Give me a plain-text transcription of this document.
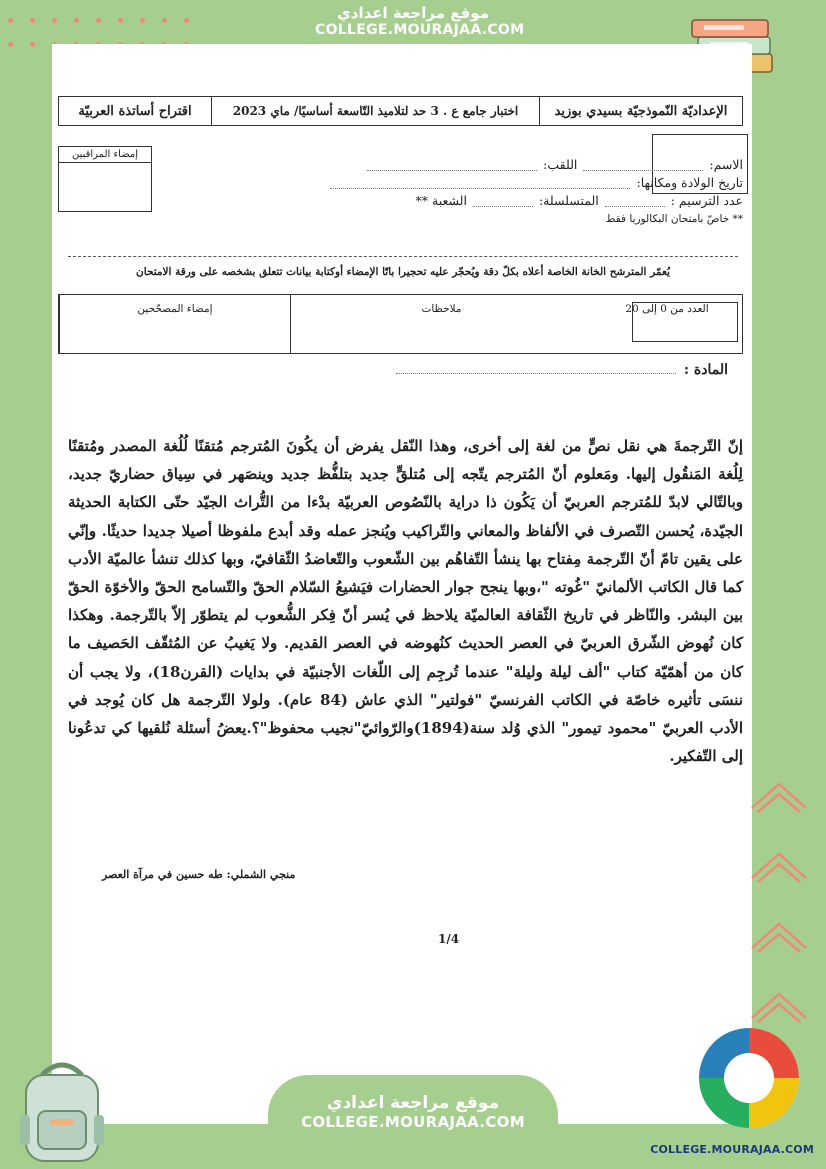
موقع مراجعة اعدادي
COLLEGE.MOURAJAA.COM
الإعداديّة النّموذجيّة بسيدي بوزيد
اختبار جامع ع . 3 حد لتلاميذ التّاسعة أساسيًا/ ماي 2023
اقتراح أساتذة العربيّة
الاسم:
اللقب:
تاريخ الولادة ومكانها:
عدد الترسيم :
المتسلسلة:
الشعبة **
** خاصّ بامتحان البكالوريا فقط
إمضاء المراقبين
يُعمّر المترشح الخانة الخاصة أعلاه بكلّ دقة ويُحجّر عليه تحجيرا باتًا الإمضاء أوكتابة بيانات تتعلق بشخصه على ورقة الامتحان
العدد من 0 إلى 20
ملاحظات
إمضاء المصحّحين
المادة :
إنّ التّرجمةَ هي نقل نصٍّ من لغة إلى أخرى، وهذا النّقل يفرض أن يكُونَ المُترجم مُتقنًا لُلُغة المصدر ومُتقنًا لِلُغة المَنقُول إليها. ومَعلوم أنّ المُترجم يتّجه إلى مُتلقٍّ جديد بتلفُّظ جديد وينصَهر في سِياق حضاريّ جديد، وبالتّالي لابدّ للمُترجم العربيّ أن يَكُون ذا دراية بالنّصُوص العربيّة بدْءا من التُّراث الجيّد حتّى الكتابة الحديثة الجيّدة، يُحسن التّصرف في الألفاظ والمعاني والتّراكيب ويُنجز عمله وقد أبدع ملفوظا أصيلا جديدا حديثًا. وإنّي على يقين تامّ أنّ التّرجمة مِفتاح بها ينشأ التّفاهُم بين الشّعوب والتّعاضدُ الثّقافيّ، وبها كذلك تنشأ عالميّة الأدب كما قال الكاتب الألمانيّ "غُوته "،وبها ينجح جوار الحضارات فيَشيعُ السّلام الحقّ والتّسامح الحقّ والأخوّة الحقّ بين البشر. والنّاظر في تاريخ الثّقافة العالميّة يلاحظ في يُسر أنّ فِكر الشُّعوب لم يتطوّر إلاّ بالتّرجمة. وهكذا كان نُهوض الشّرق العربيّ في العصر الحديث كنُهوضه في العصر القديم. ولا يَغيبُ عن المُثقّف الحَصيف ما كان من أهمّيّة كتاب "ألف ليلة وليلة" عندما تُرجِم إلى اللّغات الأجنبيّة في بدايات (القرن18)، ولا يجب أن ننسَى تأثيره خاصّة في الكاتب الفرنسيّ "فولتير" الذي عاش (84 عام). ولولا التّرجمة هل كان يُوجد في الأدب العربيّ "محمود تيمور" الذي وُلد سنة(1894)والرّوائيّ"نجيب محفوظ"؟.يعضُ أسئلة نُلقيها كي تدعُونا إلى التّفكير.
منجي الشملي: طه حسين في مرآة العصر
1/4
موقع مراجعة اعدادي
COLLEGE.MOURAJAA.COM
COLLEGE.MOURAJAA.COM
